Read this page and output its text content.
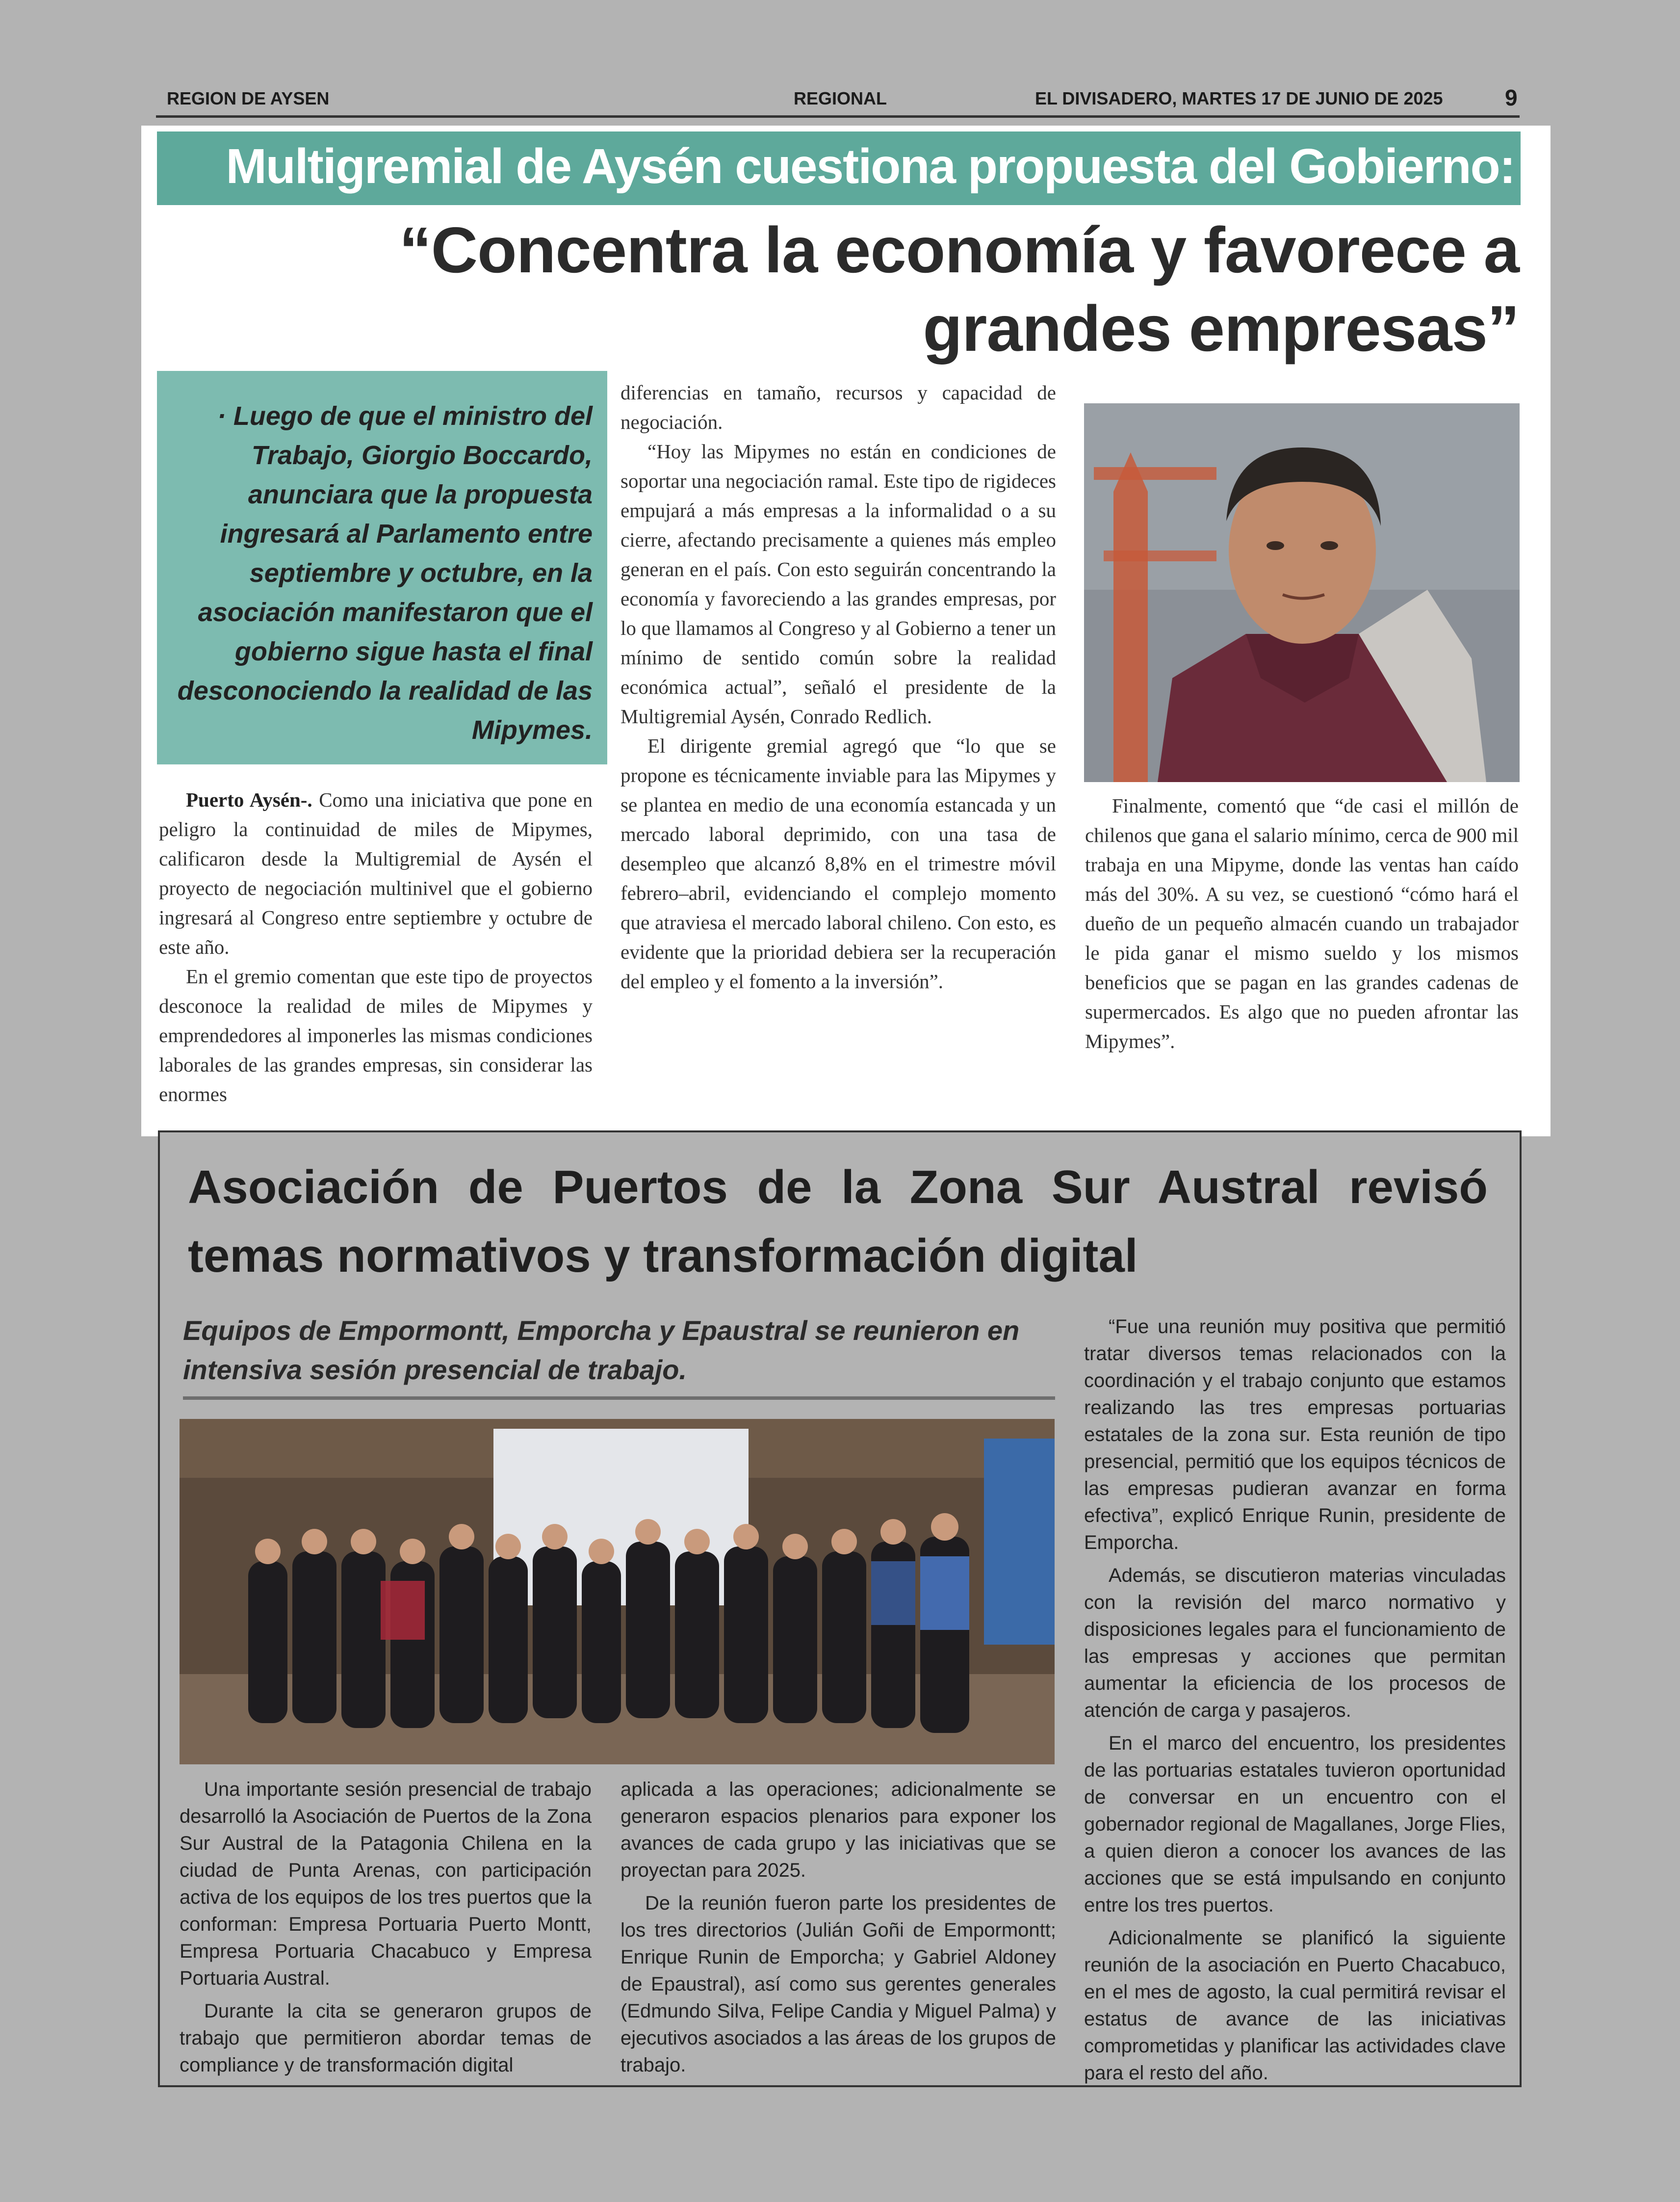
REGION DE AYSEN	REGIONAL	EL DIVISADERO, MARTES 17 DE JUNIO DE 2025	9
Multigremial de Aysén cuestiona propuesta del Gobierno:
“Concentra la economía y favorece a grandes empresas”

· Luego de que el ministro del Trabajo, Giorgio Boccardo, anunciara que la propuesta ingresará al Parlamento entre septiembre y octubre, en la asociación manifestaron que el gobierno sigue hasta el final desconociendo la realidad de las Mipymes.

Puerto Aysén-. Como una iniciativa que pone en peligro la continuidad de miles de Mipymes, calificaron desde la Multigremial de Aysén el proyecto de negociación multinivel que el gobierno ingresará al Congreso entre septiembre y octubre de este año.

En el gremio comentan que este tipo de proyectos desconoce la realidad de miles de Mipymes y emprendedores al imponerles las mismas condiciones laborales de las grandes empresas, sin considerar las enormes

diferencias en tamaño, recursos y capacidad de negociación.

“Hoy las Mipymes no están en condiciones de soportar una negociación ramal. Este tipo de rigideces empujará a más empresas a la informalidad o a su cierre, afectando precisamente a quienes más empleo generan en el país. Con esto seguirán concentrando la economía y favoreciendo a las grandes empresas, por lo que llamamos al Congreso y al Gobierno a tener un mínimo de sentido común sobre la realidad económica actual”, señaló el presidente de la Multigremial Aysén, Conrado Redlich.

El dirigente gremial agregó que “lo que se propone es técnicamente inviable para las Mipymes y se plantea en medio de una economía estancada y un mercado laboral deprimido, con una tasa de desempleo que alcanzó 8,8% en el trimestre móvil febrero–abril, evidenciando el complejo momento que atraviesa el mercado laboral chileno. Con esto, es evidente que la prioridad debiera ser la recuperación del empleo y el fomento a la inversión”.

Finalmente, comentó que “de casi el millón de chilenos que gana el salario mínimo, cerca de 900 mil trabaja en una Mipyme, donde las ventas han caído más del 30%. A su vez, se cuestionó “cómo hará el dueño de un pequeño almacén cuando un trabajador le pida ganar el mismo sueldo y los mismos beneficios que se pagan en las grandes cadenas de supermercados. Es algo que no pueden afrontar las Mipymes”.

Asociación de Puertos de la Zona Sur Austral revisó temas normativos y transformación digital
Equipos de Empormontt, Emporcha y Epaustral se reunieron en intensiva sesión presencial de trabajo.

Una importante sesión presencial de trabajo desarrolló la Asociación de Puertos de la Zona Sur Austral de la Patagonia Chilena en la ciudad de Punta Arenas, con participación activa de los equipos de los tres puertos que la conforman: Empresa Portuaria Puerto Montt, Empresa Portuaria Chacabuco y Empresa Portuaria Austral.

Durante la cita se generaron grupos de trabajo que permitieron abordar temas de compliance y de transformación digital

aplicada a las operaciones; adicionalmente se generaron espacios plenarios para exponer los avances de cada grupo y las iniciativas que se proyectan para 2025.

De la reunión fueron parte los presidentes de los tres directorios (Julián Goñi de Empormontt; Enrique Runin de Emporcha; y Gabriel Aldoney de Epaustral), así como sus gerentes generales (Edmundo Silva, Felipe Candia y Miguel Palma) y ejecutivos asociados a las áreas de los grupos de trabajo.

“Fue una reunión muy positiva que permitió tratar diversos temas relacionados con la coordinación y el trabajo conjunto que estamos realizando las tres empresas portuarias estatales de la zona sur. Esta reunión de tipo presencial, permitió que los equipos técnicos de las empresas pudieran avanzar en forma efectiva”, explicó Enrique Runin, presidente de Emporcha.

Además, se discutieron materias vinculadas con la revisión del marco normativo y disposiciones legales para el funcionamiento de las empresas y acciones que permitan aumentar la eficiencia de los procesos de atención de carga y pasajeros.

En el marco del encuentro, los presidentes de las portuarias estatales tuvieron oportunidad de conversar en un encuentro con el gobernador regional de Magallanes, Jorge Flies, a quien dieron a conocer los avances de las acciones que se está impulsando en conjunto entre los tres puertos.

Adicionalmente se planificó la siguiente reunión de la asociación en Puerto Chacabuco, en el mes de agosto, la cual permitirá revisar el estatus de avance de las iniciativas comprometidas y planificar las actividades clave para el resto del año.
